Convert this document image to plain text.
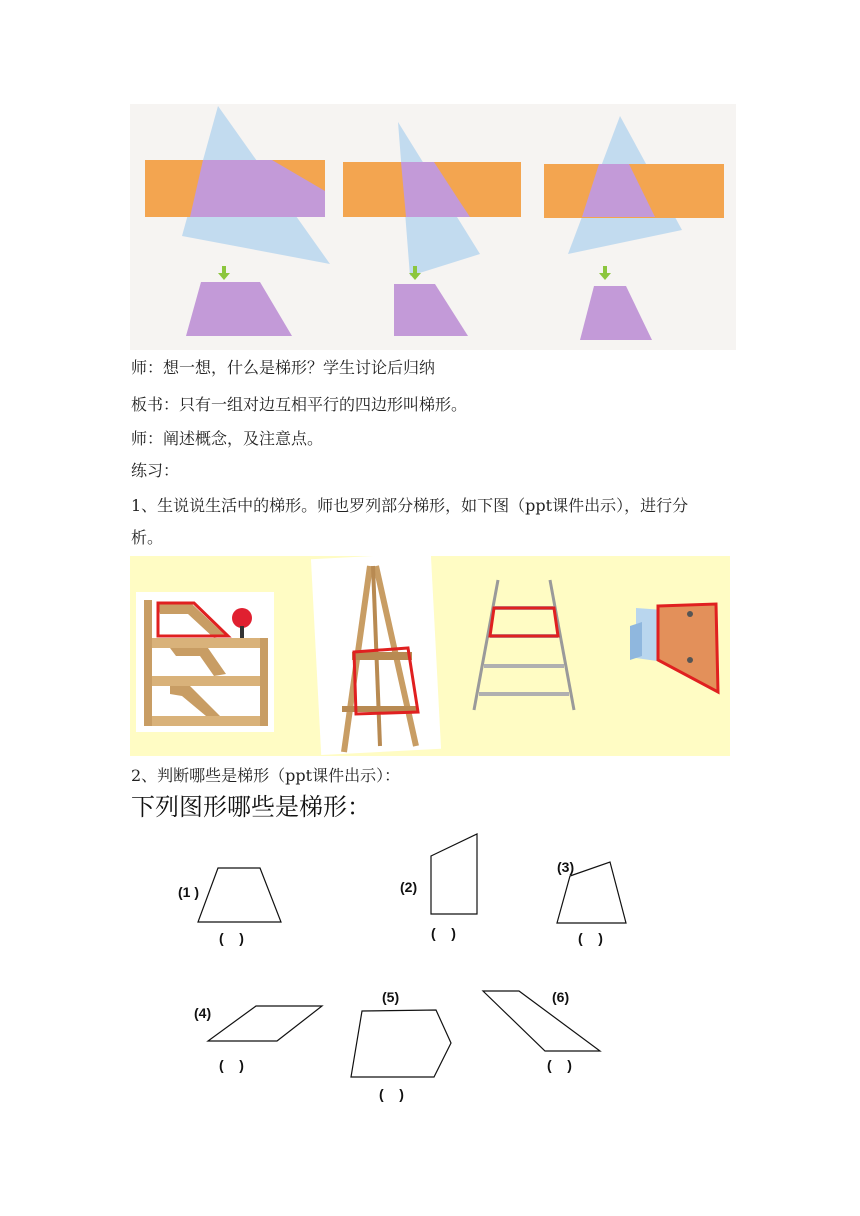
师：想一想，什么是梯形？学生讨论后归纳
板书：只有一组对边互相平行的四边形叫梯形。
师：阐述概念，及注意点。
练习：
1、生说说生活中的梯形。师也罗列部分梯形，如下图（ppt课件出示），进行分
析。
2、判断哪些是梯形（ppt课件出示）：
下列图形哪些是梯形：
(1 )
(    )
(2)
(    )
(3)
(    )
(4)
(    )
(5)
(    )
(6)
(    )
